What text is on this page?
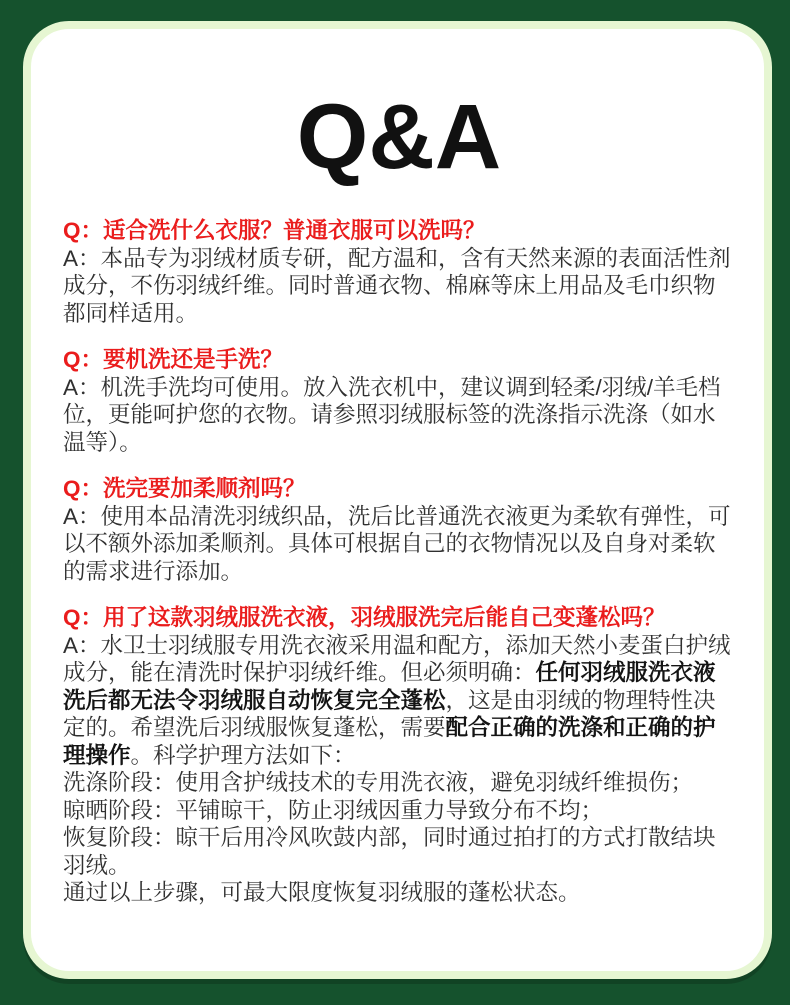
Q&A

Q：适合洗什么衣服？普通衣服可以洗吗？

A：本品专为羽绒材质专研，配方温和，含有天然来源的表面活性剂成分，不伤羽绒纤维。同时普通衣物、棉麻等床上用品及毛巾织物都同样适用。

Q：要机洗还是手洗？

A：机洗手洗均可使用。放入洗衣机中，建议调到轻柔/羽绒/羊毛档位，更能呵护您的衣物。请参照羽绒服标签的洗涤指示洗涤（如水温等）。

Q：洗完要加柔顺剂吗？

A：使用本品清洗羽绒织品，洗后比普通洗衣液更为柔软有弹性，可以不额外添加柔顺剂。具体可根据自己的衣物情况以及自身对柔软的需求进行添加。

Q：用了这款羽绒服洗衣液，羽绒服洗完后能自己变蓬松吗？

A：水卫士羽绒服专用洗衣液采用温和配方，添加天然小麦蛋白护绒成分，能在清洗时保护羽绒纤维。但必须明确：任何羽绒服洗衣液洗后都无法令羽绒服自动恢复完全蓬松，这是由羽绒的物理特性决定的。希望洗后羽绒服恢复蓬松，需要配合正确的洗涤和正确的护理操作。科学护理方法如下：

洗涤阶段：使用含护绒技术的专用洗衣液，避免羽绒纤维损伤；

晾晒阶段：平铺晾干，防止羽绒因重力导致分布不均；

恢复阶段：晾干后用冷风吹鼓内部，同时通过拍打的方式打散结块羽绒。

通过以上步骤，可最大限度恢复羽绒服的蓬松状态。
